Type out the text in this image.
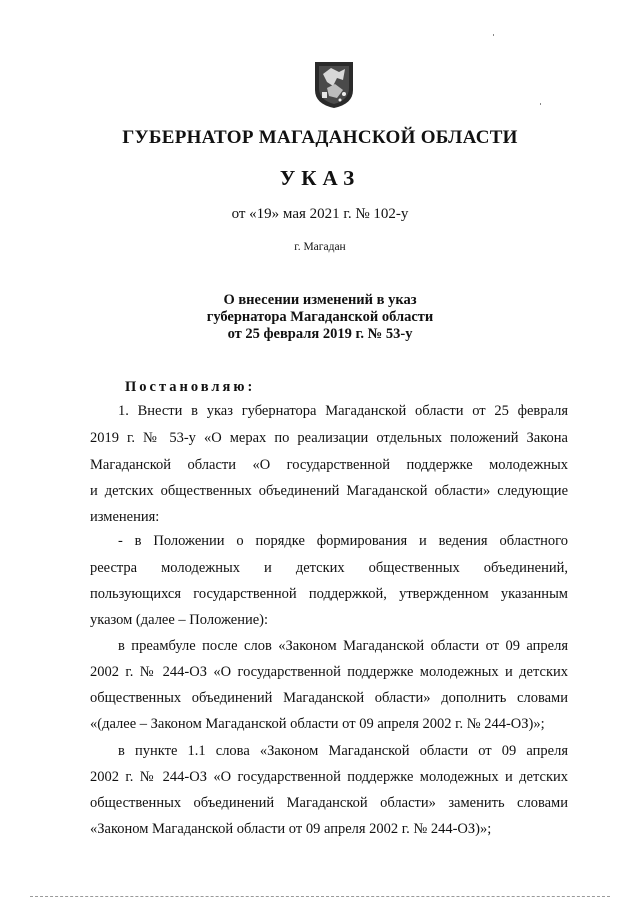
ГУБЕРНАТОР МАГАДАНСКОЙ ОБЛАСТИ
УКАЗ
от «19» мая 2021 г. № 102-у
г. Магадан
О внесении изменений в указ
губернатора Магаданской области
от 25 февраля 2019 г. № 53-у
Постановляю:
1. Внести в указ губернатора Магаданской области от 25 февраля
2019 г. № 53-у «О мерах по реализации отдельных положений Закона
Магаданской области «О государственной поддержке молодежных
и детских общественных объединений Магаданской области» следующие
изменения:
- в Положении о порядке формирования и ведения областного
реестра молодежных и детских общественных объединений,
пользующихся государственной поддержкой, утвержденном указанным
указом (далее – Положение):
в преамбуле после слов «Законом Магаданской области от 09 апреля
2002 г. № 244-ОЗ «О государственной поддержке молодежных и детских
общественных объединений Магаданской области» дополнить словами
«(далее – Законом Магаданской области от 09 апреля 2002 г. № 244-ОЗ)»;
в пункте 1.1 слова «Законом Магаданской области от 09 апреля
2002 г. № 244-ОЗ «О государственной поддержке молодежных и детских
общественных объединений Магаданской области» заменить словами
«Законом Магаданской области от 09 апреля 2002 г. № 244-ОЗ)»;
